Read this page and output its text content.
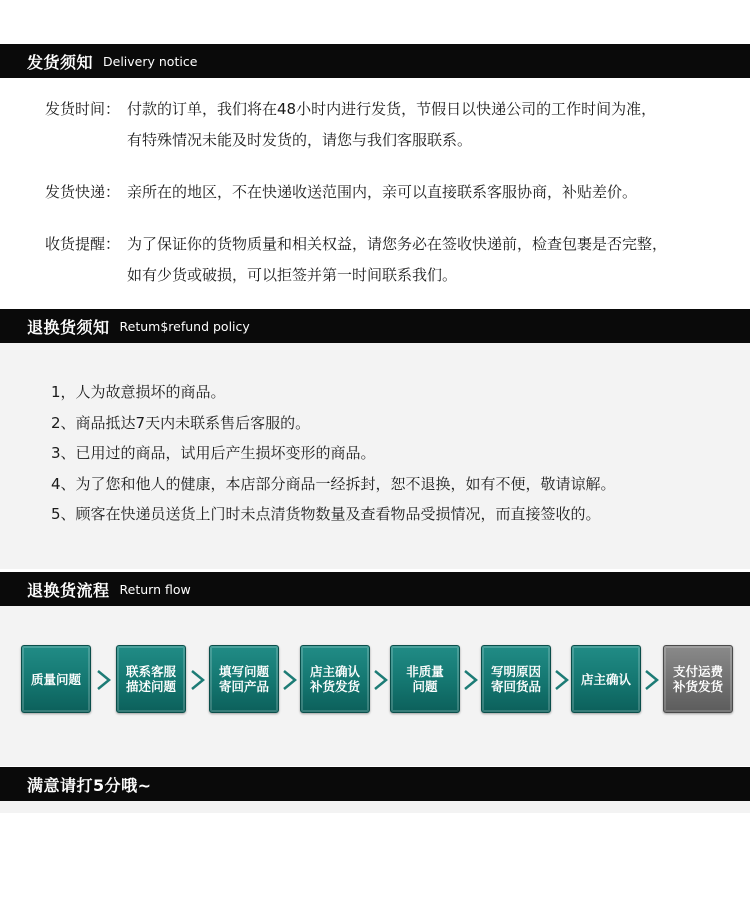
发货须知 Delivery notice
发货时间： 付款的订单，我们将在48小时内进行发货，节假日以快递公司的工作时间为准，
有特殊情况未能及时发货的，请您与我们客服联系。
发货快递： 亲所在的地区，不在快递收送范围内，亲可以直接联系客服协商，补贴差价。
收货提醒： 为了保证你的货物质量和相关权益，请您务必在签收快递前，检查包裹是否完整，
如有少货或破损，可以拒签并第一时间联系我们。
退换货须知 Retum$refund policy
1，人为故意损坏的商品。
2、商品抵达7天内未联系售后客服的。
3、已用过的商品，试用后产生损坏变形的商品。
4、为了您和他人的健康，本店部分商品一经拆封，恕不退换，如有不便，敬请谅解。
5、顾客在快递员送货上门时未点清货物数量及查看物品受损情况，而直接签收的。
退换货流程 Return flow
质量问题	联系客服
描述问题
填写问题
寄回产品
店主确认
补货发货
非质量
问题
写明原因
寄回货品	店主确认	支付运费
补货发货
满意请打5分哦~
